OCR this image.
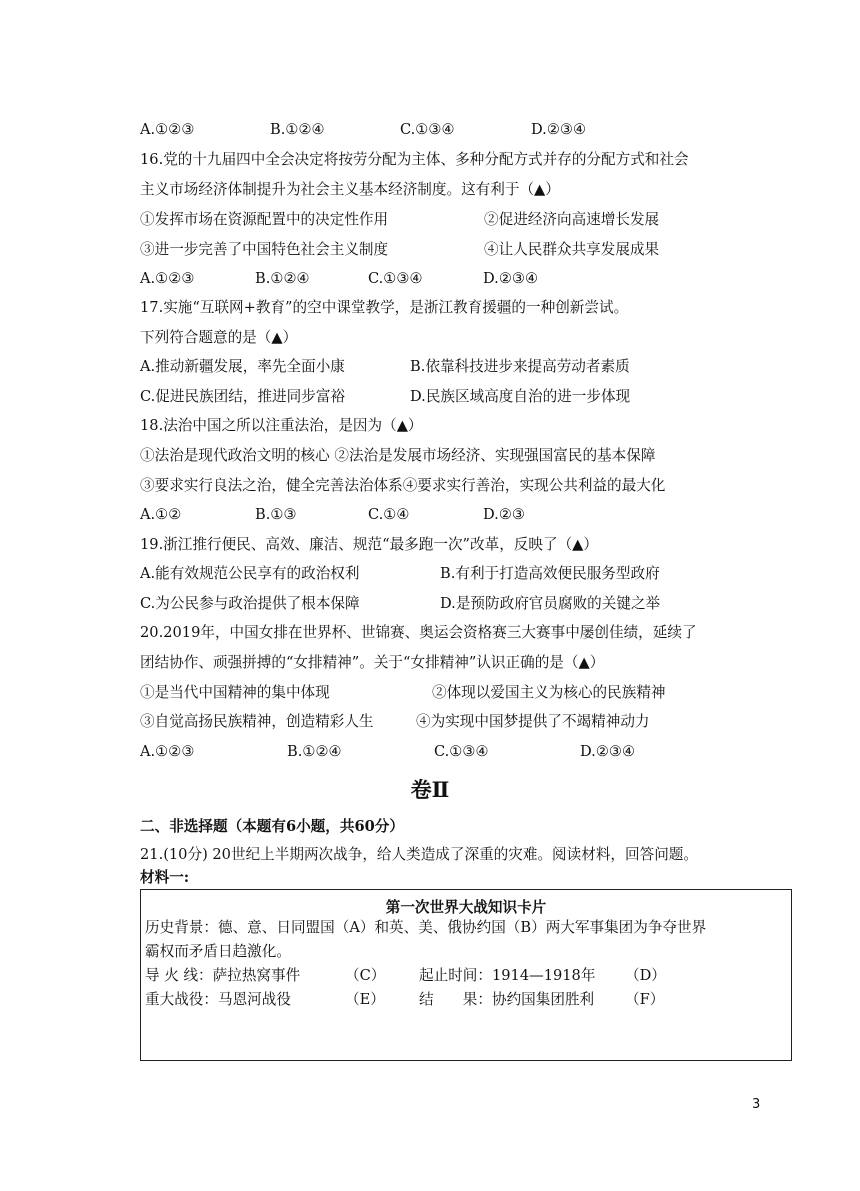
A.①②③	B.①②④	C.①③④	D.②③④
16.党的十九届四中全会决定将按劳分配为主体、多种分配方式并存的分配方式和社会
主义市场经济体制提升为社会主义基本经济制度。这有利于（▲）
①发挥市场在资源配置中的决定性作用	②促进经济向高速增长发展
③进一步完善了中国特色社会主义制度	④让人民群众共享发展成果
A.①②③	B.①②④	C.①③④	D.②③④
17.实施“互联网+教育”的空中课堂教学，是浙江教育援疆的一种创新尝试。
下列符合题意的是（▲）
A.推动新疆发展，率先全面小康	B.依靠科技进步来提高劳动者素质
C.促进民族团结，推进同步富裕	D.民族区域高度自治的进一步体现
18.法治中国之所以注重法治，是因为（▲）
①法治是现代政治文明的核心 ②法治是发展市场经济、实现强国富民的基本保障
③要求实行良法之治，健全完善法治体系④要求实行善治，实现公共利益的最大化
A.①②	B.①③	C.①④	D.②③
19.浙江推行便民、高效、廉洁、规范“最多跑一次”改革，反映了（▲）
A.能有效规范公民享有的政治权利	B.有利于打造高效便民服务型政府
C.为公民参与政治提供了根本保障	D.是预防政府官员腐败的关键之举
20.2019年，中国女排在世界杯、世锦赛、奥运会资格赛三大赛事中屡创佳绩，延续了
团结协作、顽强拼搏的“女排精神”。关于“女排精神”认识正确的是（▲）
①是当代中国精神的集中体现	②体现以爱国主义为核心的民族精神
③自觉高扬民族精神，创造精彩人生	④为实现中国梦提供了不竭精神动力
A.①②③	B.①②④	C.①③④	D.②③④
卷Ⅱ
二、非选择题（本题有6小题，共60分）
21.(10分) 20世纪上半期两次战争，给人类造成了深重的灾难。阅读材料，回答问题。
材料一:
第一次世界大战知识卡片
历史背景：德、意、日同盟国（A）和英、美、俄协约国（B）两大军事集团为争夺世界
霸权而矛盾日趋激化。
导 火 线：萨拉热窝事件	（C） 起止时间：1914—1918年 （D）
重大战役：马恩河战役	（E） 结　　果：协约国集团胜利 （F）
3
